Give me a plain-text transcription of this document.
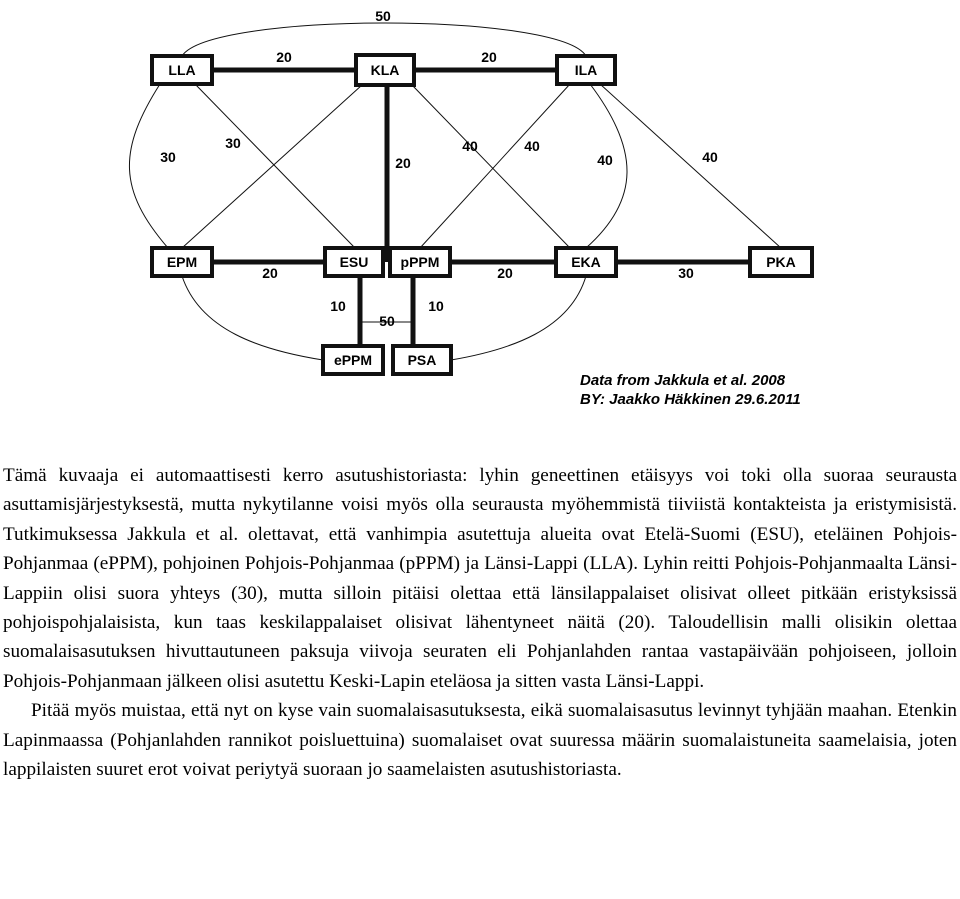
LLA	KLA	ILA
EPM	ESU pPPM	EKA	PKA
ePPM	PSA
50
20	20
20
30
30	40
40
40	40
20	20	30
10	10
50
Data from Jakkula et al. 2008
BY: Jaakko Häkkinen 29.6.2011

Tämä kuvaaja ei automaattisesti kerro asutushistoriasta: lyhin geneettinen etäisyys voi toki olla suoraa seurausta asuttamisjärjestyksestä, mutta nykytilanne voisi myös olla seurausta myöhemmistä tiiviistä kontakteista ja eristymisistä. Tutkimuksessa Jakkula et al. olettavat, että vanhimpia asutettuja alueita ovat Etelä-Suomi (ESU), eteläinen Pohjois-Pohjanmaa (ePPM), pohjoinen Pohjois-Pohjanmaa (pPPM) ja Länsi-Lappi (LLA). Lyhin reitti Pohjois-Pohjanmaalta Länsi-Lappiin olisi suora yhteys (30), mutta silloin pitäisi olettaa että länsilappalaiset olisivat olleet pitkään eristyksissä pohjoispohjalaisista, kun taas keskilappalaiset olisivat lähentyneet näitä (20). Taloudellisin malli olisikin olettaa suomalaisasutuksen hivuttautuneen paksuja viivoja seuraten eli Pohjanlahden rantaa vastapäivään pohjoiseen, jolloin Pohjois-Pohjanmaan jälkeen olisi asutettu Keski-Lapin eteläosa ja sitten vasta Länsi-Lappi.

Pitää myös muistaa, että nyt on kyse vain suomalaisasutuksesta, eikä suomalaisasutus levinnyt tyhjään maahan. Etenkin Lapinmaassa (Pohjanlahden rannikot poisluettuina) suomalaiset ovat suuressa määrin suomalaistuneita saamelaisia, joten lappilaisten suuret erot voivat periytyä suoraan jo saamelaisten asutushistoriasta.
